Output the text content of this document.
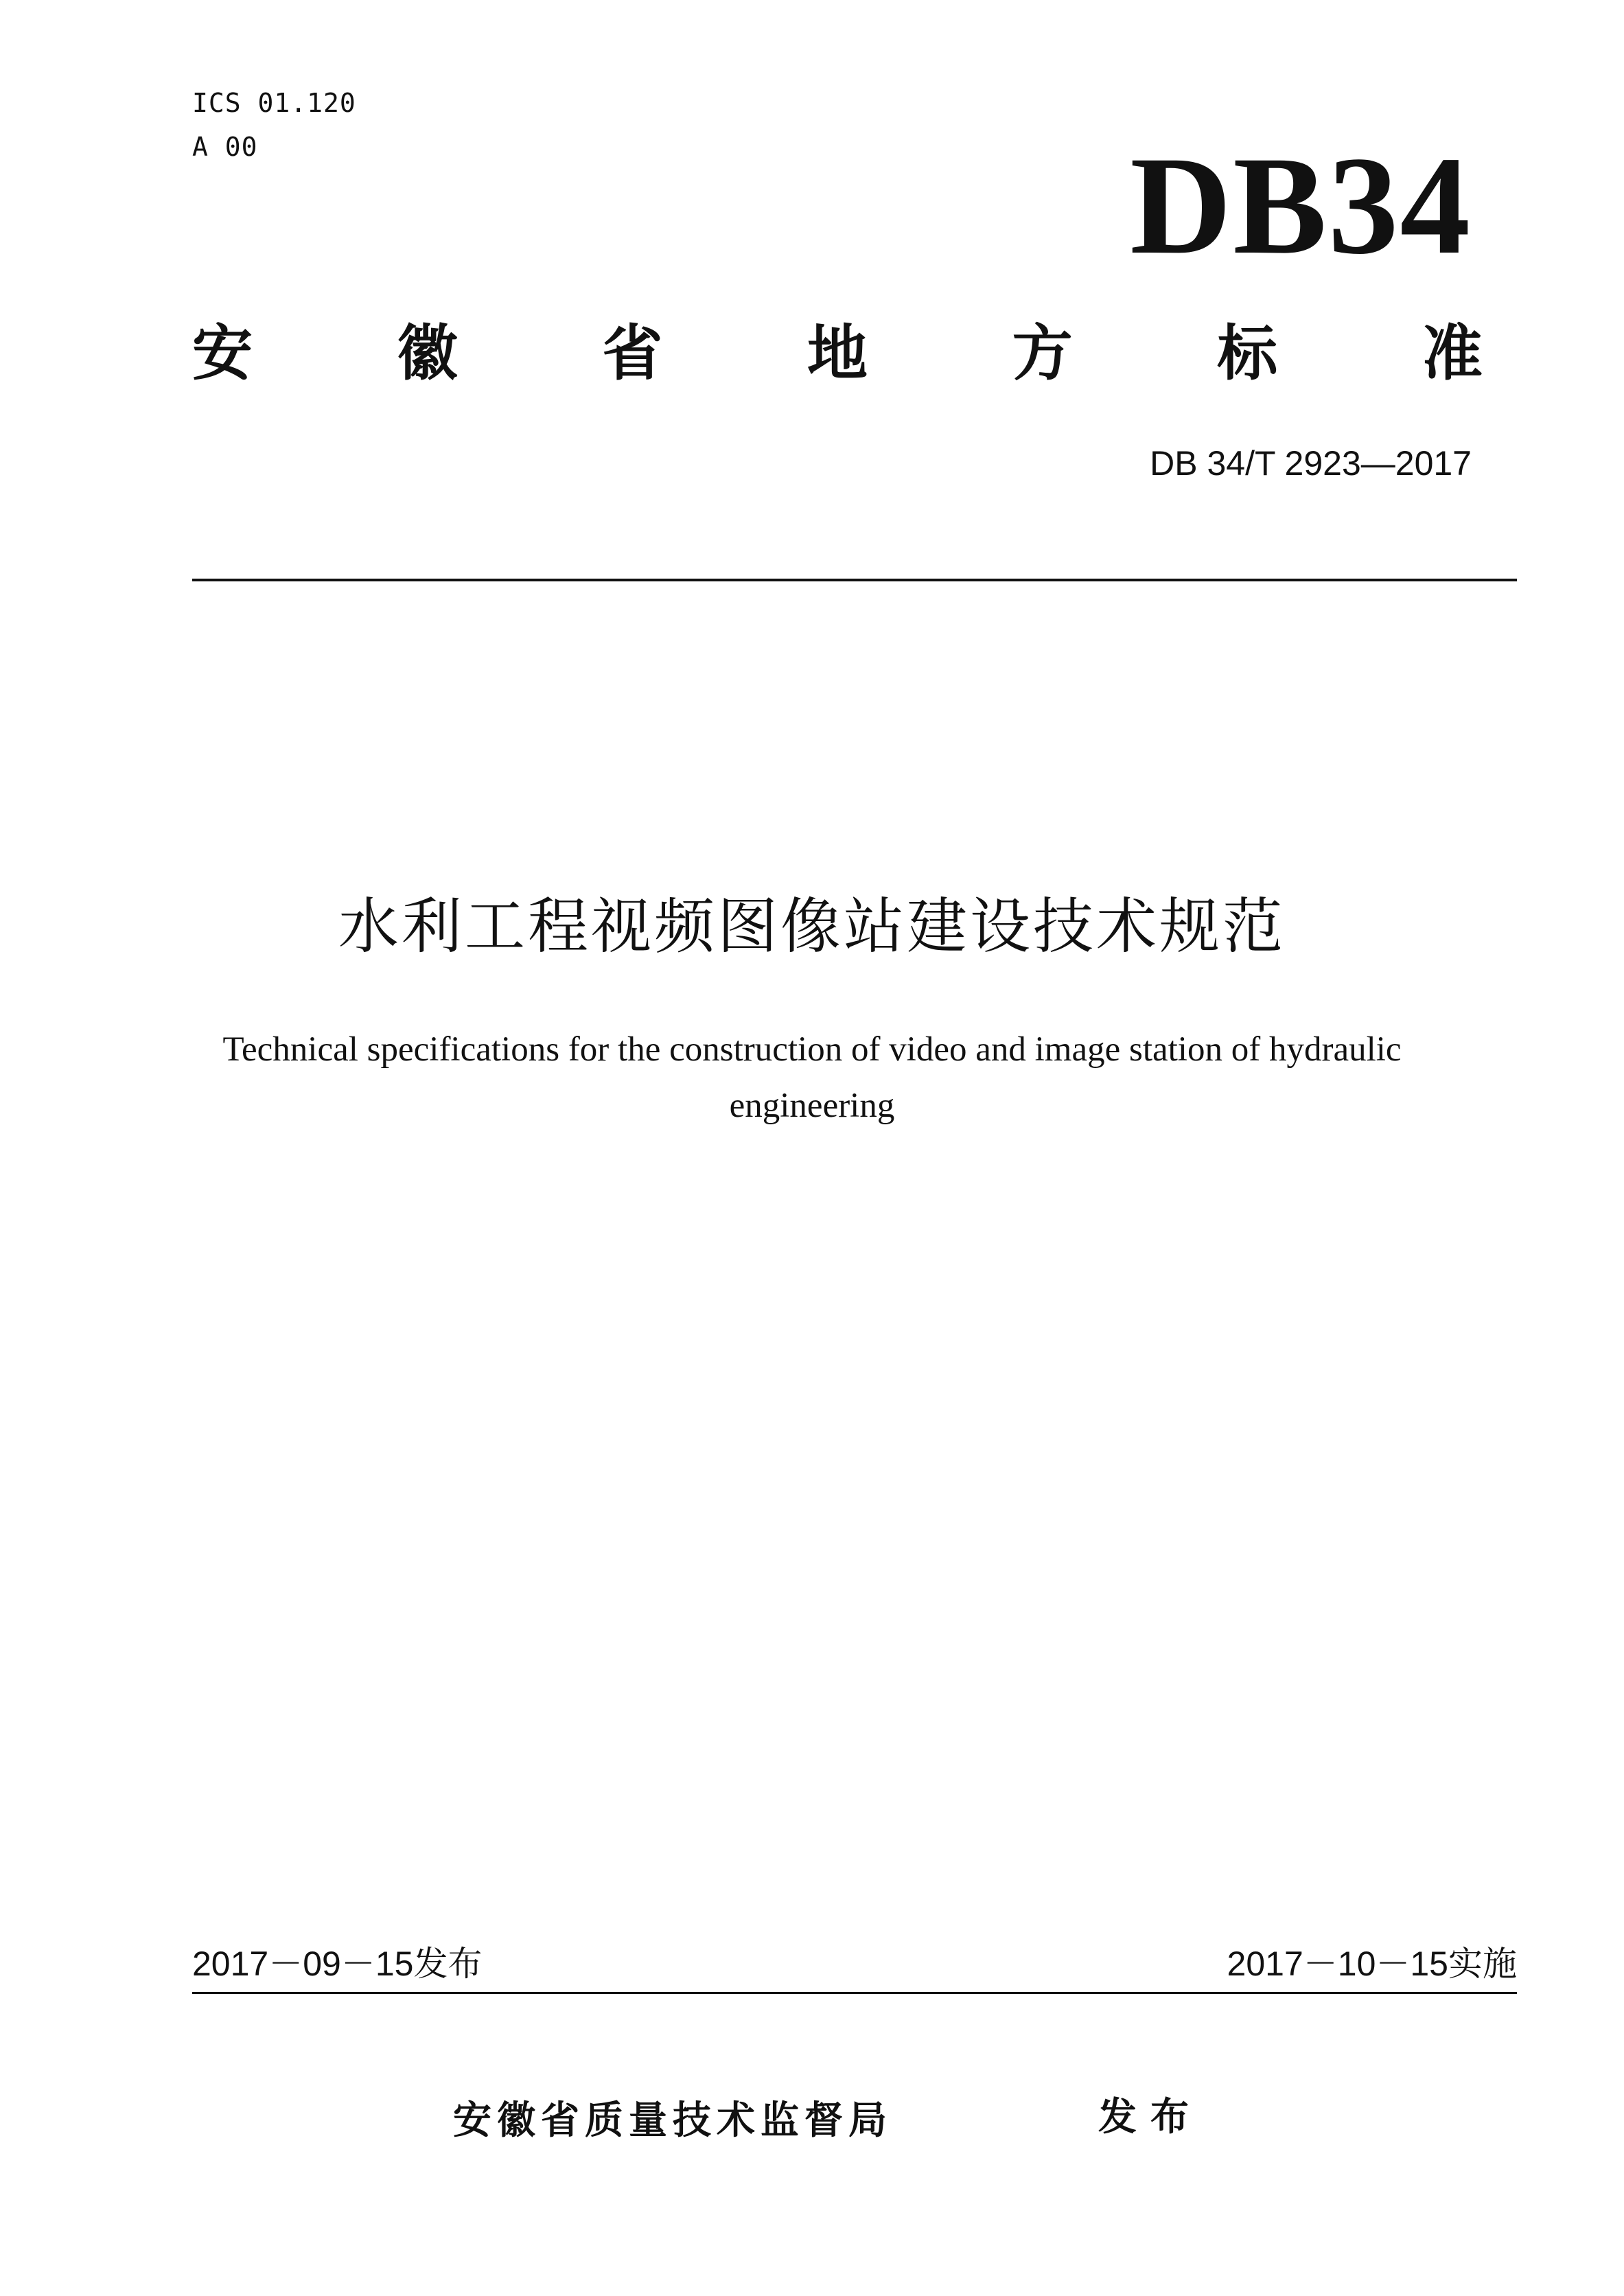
ICS 01.120
A 00	DB34
安 徽 省 地 方 标 准
DB 34/T 2923—2017
水利工程视频图像站建设技术规范
Technical specifications for the construction of video and image station of hydraulic
engineering
2017－09－15发布	2017－10－15实施
安徽省质量技术监督局	发布
